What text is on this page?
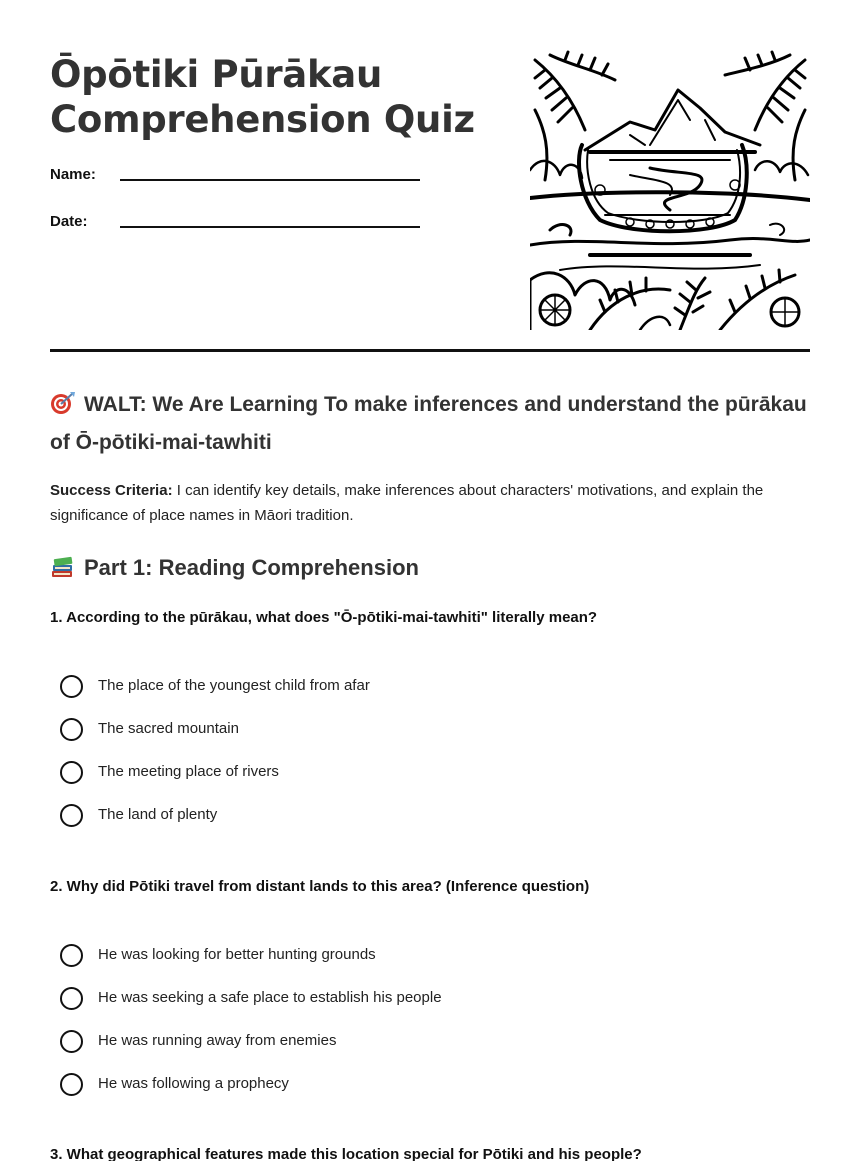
Ōpōtiki Pūrākau
Comprehension Quiz
Name:
Date:
WALT: We Are Learning To make inferences and understand the pūrākau of Ō-pōtiki-mai-tawhiti
Success Criteria: I can identify key details, make inferences about characters' motivations, and explain the significance of place names in Māori tradition.
Part 1: Reading Comprehension
1. According to the pūrākau, what does "Ō-pōtiki-mai-tawhiti" literally mean?
The place of the youngest child from afar
The sacred mountain
The meeting place of rivers
The land of plenty
2. Why did Pōtiki travel from distant lands to this area? (Inference question)
He was looking for better hunting grounds
He was seeking a safe place to establish his people
He was running away from enemies
He was following a prophecy
3. What geographical features made this location special for Pōtiki and his people?
